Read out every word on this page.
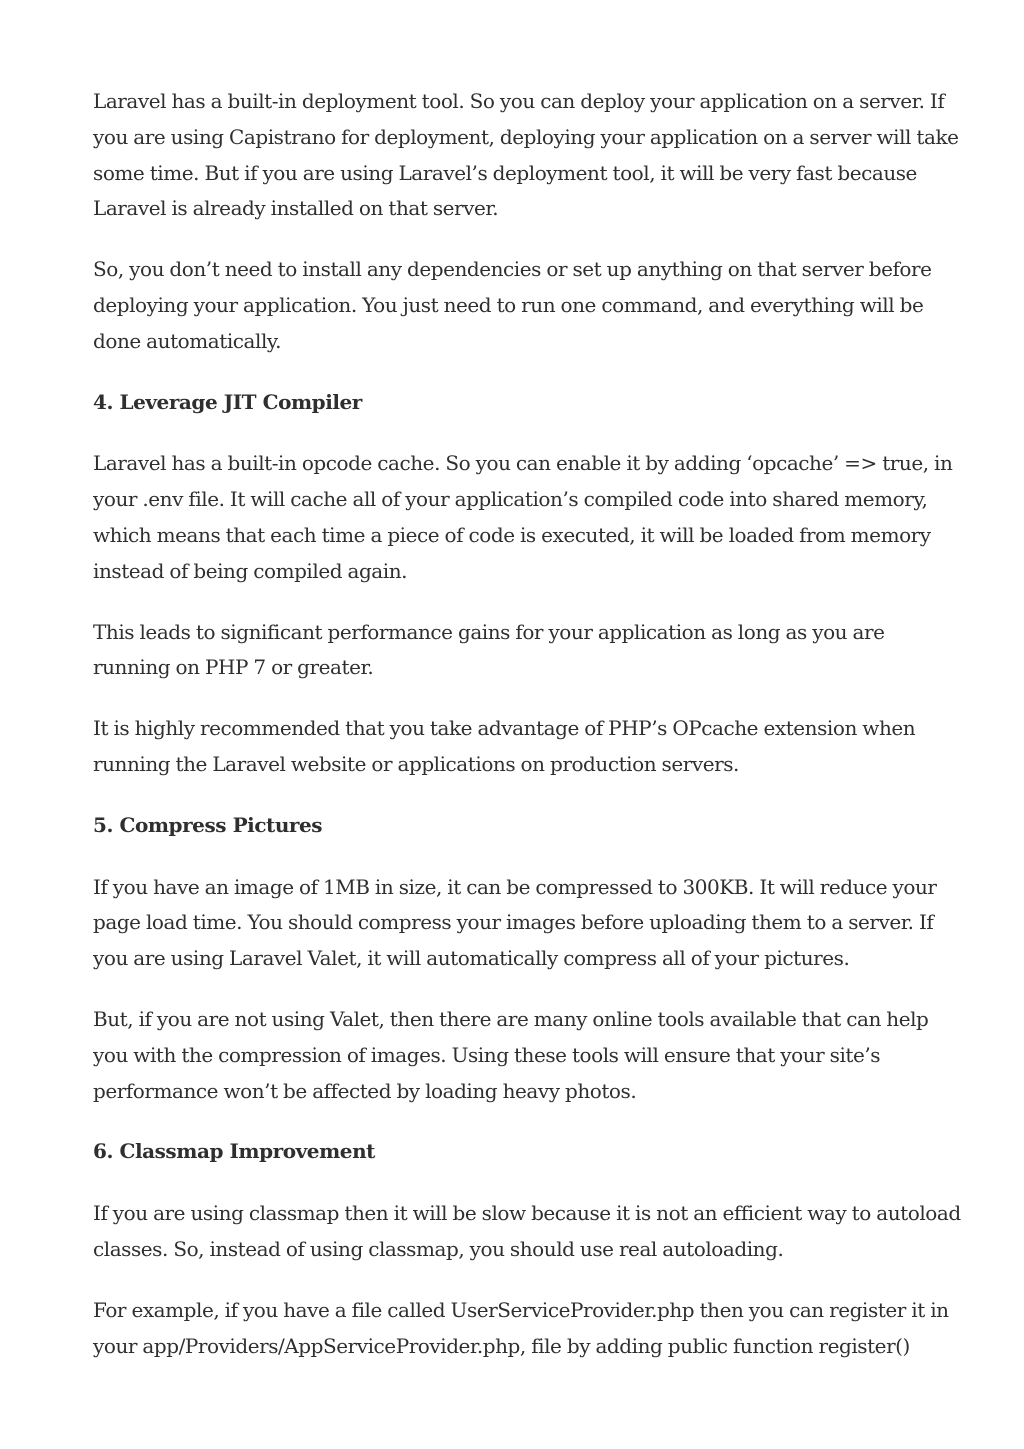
Laravel has a built-in deployment tool. So you can deploy your application on a server. If you are using Capistrano for deployment, deploying your application on a server will take some time. But if you are using Laravel’s deployment tool, it will be very fast because Laravel is already installed on that server.

So, you don’t need to install any dependencies or set up anything on that server before deploying your application. You just need to run one command, and everything will be done automatically.

4. Leverage JIT Compiler

Laravel has a built-in opcode cache. So you can enable it by adding ‘opcache’ => true, in your .env file. It will cache all of your application’s compiled code into shared memory, which means that each time a piece of code is executed, it will be loaded from memory instead of being compiled again.

This leads to significant performance gains for your application as long as you are running on PHP 7 or greater.

It is highly recommended that you take advantage of PHP’s OPcache extension when running the Laravel website or applications on production servers.

5. Compress Pictures

If you have an image of 1MB in size, it can be compressed to 300KB. It will reduce your page load time. You should compress your images before uploading them to a server. If you are using Laravel Valet, it will automatically compress all of your pictures.

But, if you are not using Valet, then there are many online tools available that can help you with the compression of images. Using these tools will ensure that your site’s performance won’t be affected by loading heavy photos.

6. Classmap Improvement

If you are using classmap then it will be slow because it is not an efficient way to autoload classes. So, instead of using classmap, you should use real autoloading.

For example, if you have a file called UserServiceProvider.php then you can register it in your app/Providers/AppServiceProvider.php, file by adding public function register()
